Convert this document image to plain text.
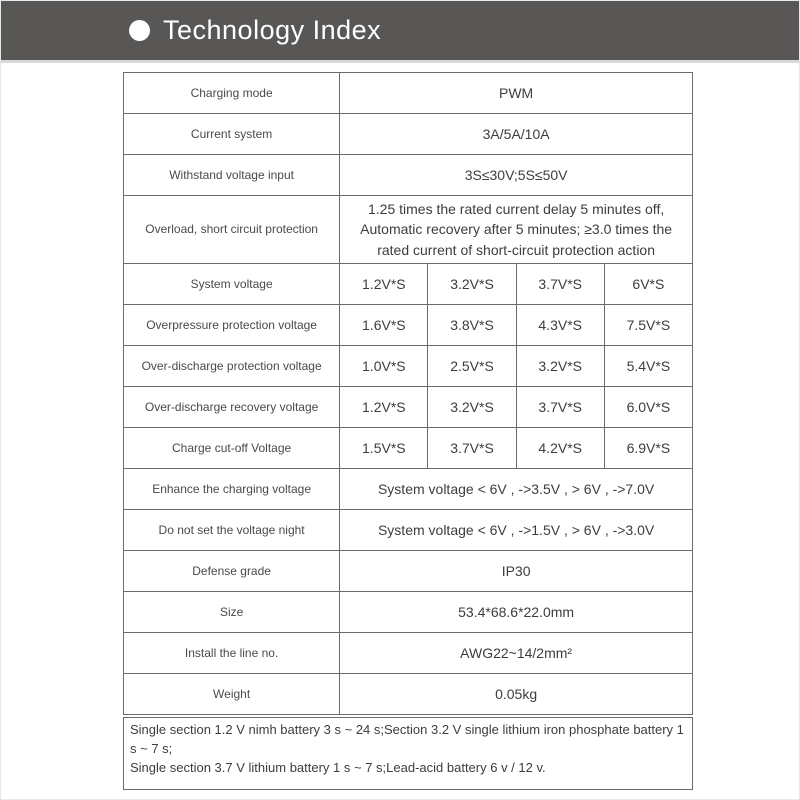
Technology Index
Charging mode	PWM			
Current system	3A/5A/10A			
Withstand voltage input	3S≤30V;5S≤50V			
Overload, short circuit protection	1.25 times the rated current delay 5 minutes off, Automatic recovery after 5 minutes; ≥3.0 times the rated current of short-circuit protection action			
System voltage	1.2V*S	3.2V*S	3.7V*S	6V*S
Overpressure protection voltage	1.6V*S	3.8V*S	4.3V*S	7.5V*S
Over-discharge protection voltage	1.0V*S	2.5V*S	3.2V*S	5.4V*S
Over-discharge recovery voltage	1.2V*S	3.2V*S	3.7V*S	6.0V*S
Charge cut-off Voltage	1.5V*S	3.7V*S	4.2V*S	6.9V*S
Enhance the charging voltage	System voltage < 6V , ->3.5V , > 6V , ->7.0V			
Do not set the voltage night	System voltage < 6V , ->1.5V , > 6V , ->3.0V			
Defense grade	IP30			
Size	53.4*68.6*22.0mm			
Install the line no.	AWG22~14/2mm²			
Weight	0.05kg			
Single section 1.2 V nimh battery 3 s ~ 24 s;Section 3.2 V single lithium iron phosphate battery 1 s ~ 7 s;
Single section 3.7 V lithium battery 1 s ~ 7 s;Lead-acid battery 6 v / 12 v.
